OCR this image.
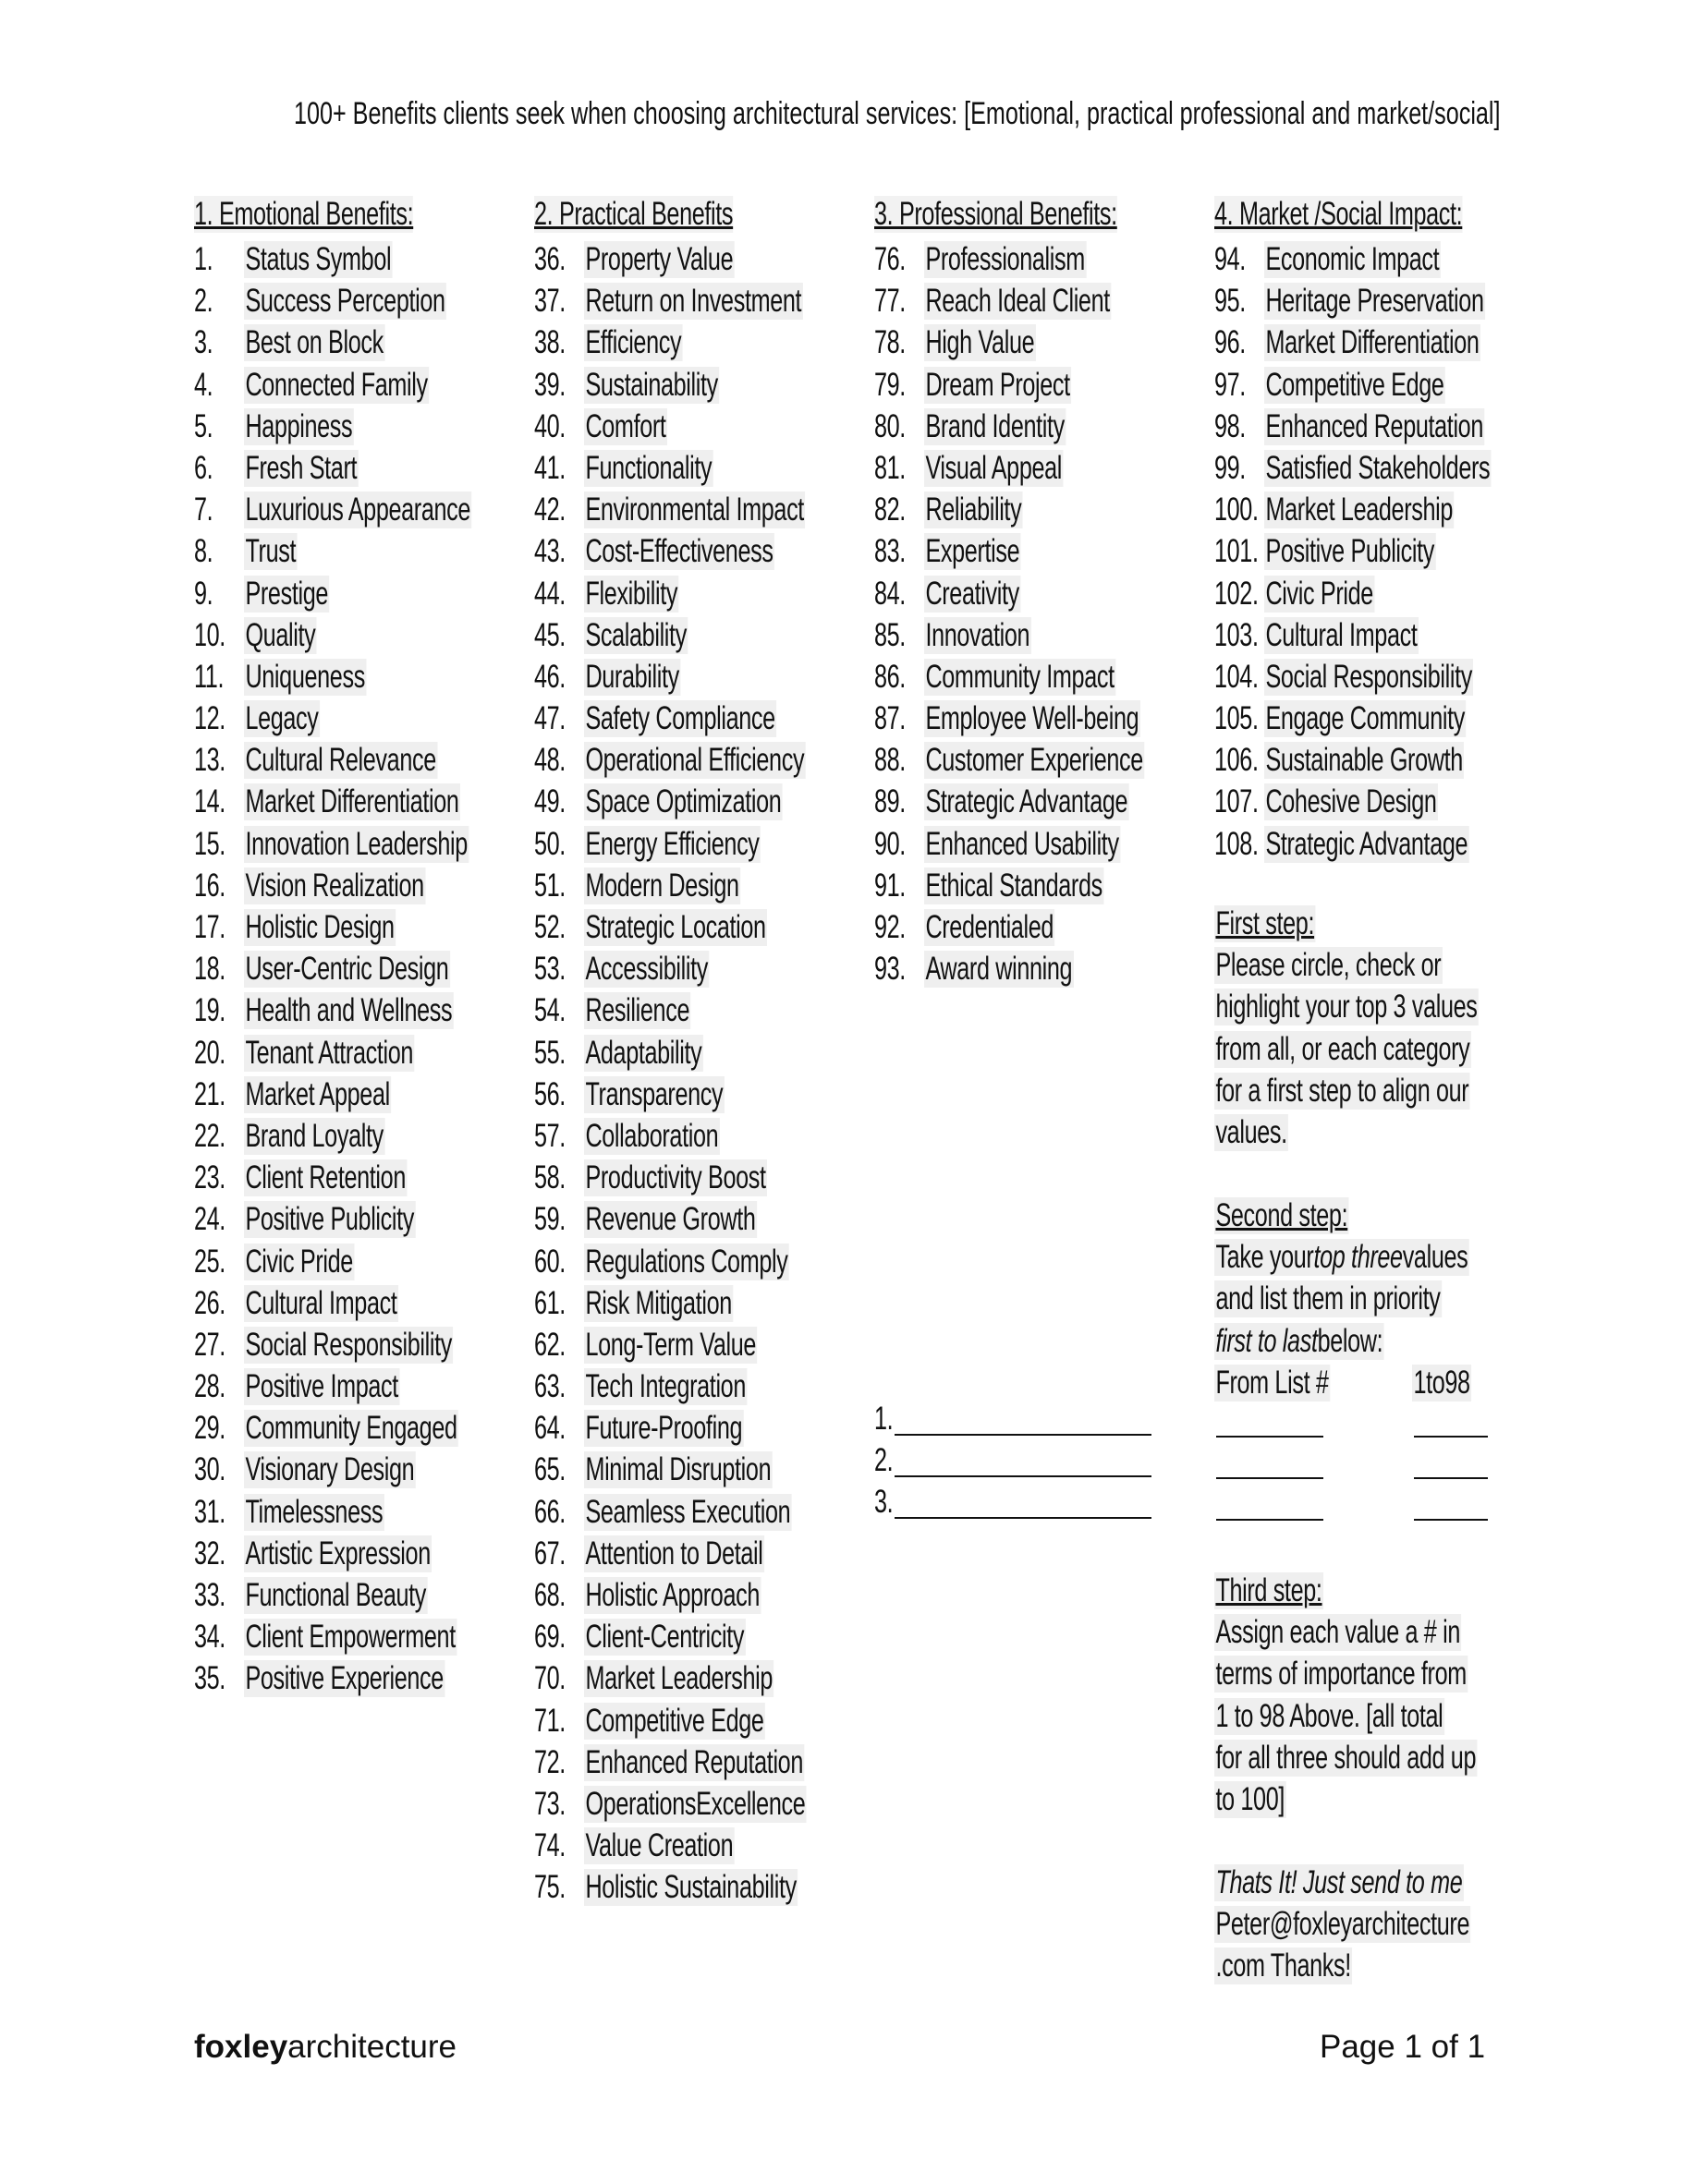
100+ Benefits clients seek when choosing architectural services: [Emotional, practical professional and market/social]
1. Emotional Benefits:
1. Status Symbol
2. Success Perception
3. Best on Block
4. Connected Family
5. Happiness
6. Fresh Start
7. Luxurious Appearance
8. Trust
9. Prestige
10. Quality
11. Uniqueness
12. Legacy
13. Cultural Relevance
14. Market Differentiation
15. Innovation Leadership
16. Vision Realization
17. Holistic Design
18. User-Centric Design
19. Health and Wellness
20. Tenant Attraction
21. Market Appeal
22. Brand Loyalty
23. Client Retention
24. Positive Publicity
25. Civic Pride
26. Cultural Impact
27. Social Responsibility
28. Positive Impact
29. Community Engaged
30. Visionary Design
31. Timelessness
32. Artistic Expression
33. Functional Beauty
34. Client Empowerment
35. Positive Experience
2. Practical Benefits
36. Property Value
37. Return on Investment
38. Efficiency
39. Sustainability
40. Comfort
41. Functionality
42. Environmental Impact
43. Cost-Effectiveness
44. Flexibility
45. Scalability
46. Durability
47. Safety Compliance
48. Operational Efficiency
49. Space Optimization
50. Energy Efficiency
51. Modern Design
52. Strategic Location
53. Accessibility
54. Resilience
55. Adaptability
56. Transparency
57. Collaboration
58. Productivity Boost
59. Revenue Growth
60. Regulations Comply
61. Risk Mitigation
62. Long-Term Value
63. Tech Integration
64. Future-Proofing
65. Minimal Disruption
66. Seamless Execution
67. Attention to Detail
68. Holistic Approach
69. Client-Centricity
70. Market Leadership
71. Competitive Edge
72. Enhanced Reputation
73. OperationsExcellence
74. Value Creation
75. Holistic Sustainability
3. Professional Benefits:
76. Professionalism
77. Reach Ideal Client
78. High Value
79. Dream Project
80. Brand Identity
81. Visual Appeal
82. Reliability
83. Expertise
84. Creativity
85. Innovation
86. Community Impact
87. Employee Well-being
88. Customer Experience
89. Strategic Advantage
90. Enhanced Usability
91. Ethical Standards
92. Credentialed
93. Award winning
4. Market /Social Impact:
94. Economic Impact
95. Heritage Preservation
96. Market Differentiation
97. Competitive Edge
98. Enhanced Reputation
99. Satisfied Stakeholders
100. Market Leadership
101. Positive Publicity
102. Civic Pride
103. Cultural Impact
104. Social Responsibility
105. Engage Community
106. Sustainable Growth
107. Cohesive Design
108. Strategic Advantage
First step:
Please circle, check or
highlight your top 3 values
from all, or each category
for a first step to align our
values.
Second step:
Take yourtop threevalues
and list them in priority
first to lastbelow:
From List #	1to98
1.
2.
3.
Third step:
Assign each value a # in
terms of importance from
1 to 98 Above. [all total
for all three should add up
to 100]
Thats It! Just send to me
Peter@foxleyarchitecture
.com Thanks!
foxleyarchitecture	Page 1 of 1
